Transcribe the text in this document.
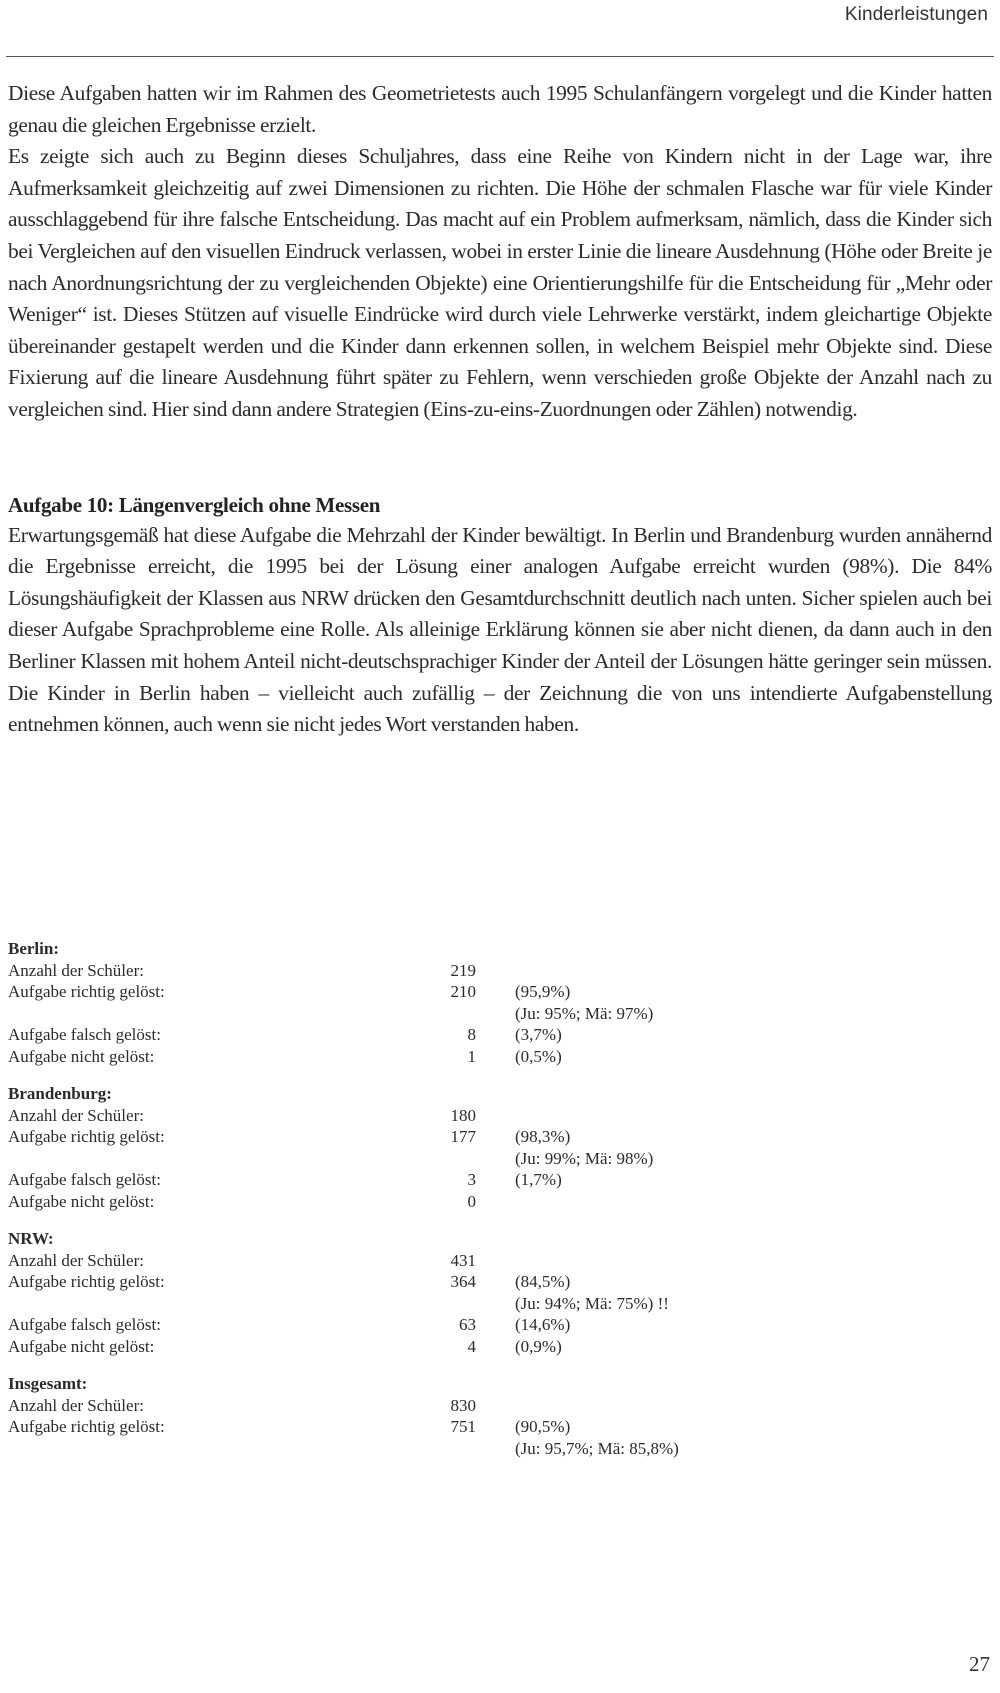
Kinderleistungen

Diese Aufgaben hatten wir im Rahmen des Geometrietests auch 1995 Schulanfängern vorgelegt und die Kinder hatten genau die gleichen Ergebnisse erzielt.

Es zeigte sich auch zu Beginn dieses Schuljahres, dass eine Reihe von Kindern nicht in der Lage war, ihre Aufmerksamkeit gleichzeitig auf zwei Dimensionen zu richten. Die Höhe der schmalen Flasche war für viele Kinder ausschlaggebend für ihre falsche Entscheidung. Das macht auf ein Problem aufmerksam, nämlich, dass die Kinder sich bei Vergleichen auf den visuellen Eindruck verlassen, wobei in erster Linie die lineare Ausdehnung (Höhe oder Breite je nach Anordnungsrichtung der zu vergleichenden Objekte) eine Orientierungshilfe für die Entscheidung für „Mehr oder Weniger“ ist. Dieses Stützen auf visuelle Eindrücke wird durch viele Lehrwerke verstärkt, indem gleichartige Objekte übereinander gestapelt werden und die Kinder dann erkennen sollen, in welchem Beispiel mehr Objekte sind. Diese Fixierung auf die lineare Ausdehnung führt später zu Fehlern, wenn verschieden große Objekte der Anzahl nach zu vergleichen sind. Hier sind dann andere Strategien (Eins-zu-eins-Zuordnungen oder Zählen) notwendig.

Aufgabe 10: Längenvergleich ohne Messen

Erwartungsgemäß hat diese Aufgabe die Mehrzahl der Kinder bewältigt. In Berlin und Brandenburg wurden annähernd die Ergebnisse erreicht, die 1995 bei der Lösung einer analogen Aufgabe erreicht wurden (98%). Die 84% Lösungshäufigkeit der Klassen aus NRW drücken den Gesamtdurchschnitt deutlich nach unten. Sicher spielen auch bei dieser Aufgabe Sprachprobleme eine Rolle. Als alleinige Erklärung können sie aber nicht dienen, da dann auch in den Berliner Klassen mit hohem Anteil nicht-deutschsprachiger Kinder der Anteil der Lösungen hätte geringer sein müssen. Die Kinder in Berlin haben – vielleicht auch zufällig – der Zeichnung die von uns intendierte Aufgabenstellung entnehmen können, auch wenn sie nicht jedes Wort verstanden haben.

Berlin:
Anzahl der Schüler:	219
Aufgabe richtig gelöst:	210 (95,9%)
(Ju: 95%; Mä: 97%)
Aufgabe falsch gelöst:	8 (3,7%)
Aufgabe nicht gelöst:	1 (0,5%)
Brandenburg:
Anzahl der Schüler:	180
Aufgabe richtig gelöst:	177 (98,3%)
(Ju: 99%; Mä: 98%)
Aufgabe falsch gelöst:	3 (1,7%)
Aufgabe nicht gelöst:	0
NRW:
Anzahl der Schüler:	431
Aufgabe richtig gelöst:	364 (84,5%)
(Ju: 94%; Mä: 75%) !!
Aufgabe falsch gelöst:	63 (14,6%)
Aufgabe nicht gelöst:	4 (0,9%)
Insgesamt:
Anzahl der Schüler:	830
Aufgabe richtig gelöst:	751 (90,5%)
(Ju: 95,7%; Mä: 85,8%)
27
